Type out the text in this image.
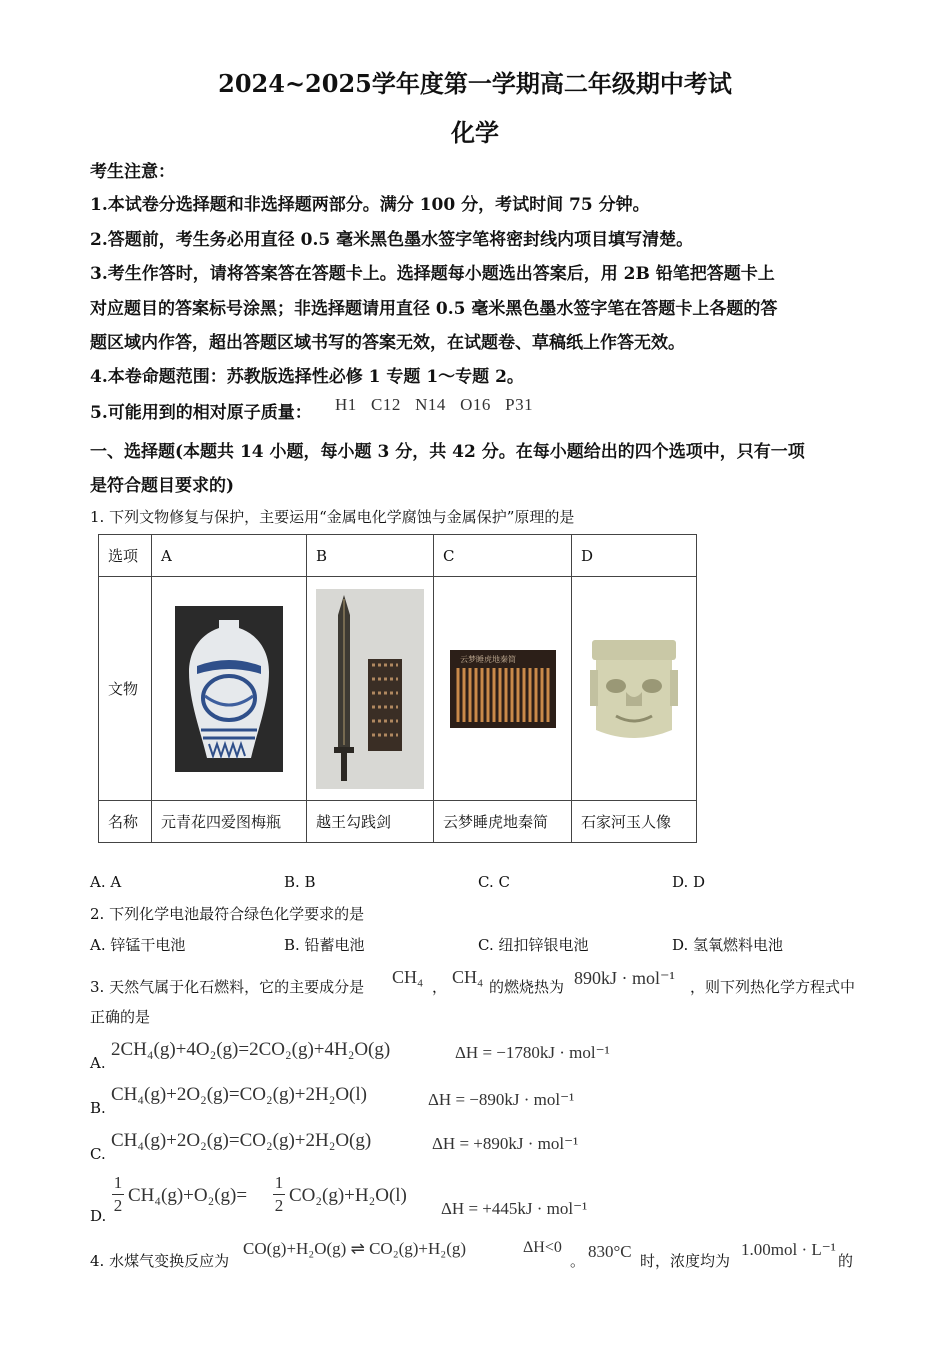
2024~2025学年度第一学期高二年级期中考试
化学
考生注意：
1.本试卷分选择题和非选择题两部分。满分 100 分，考试时间 75 分钟。
2.答题前，考生务必用直径 0.5 毫米黑色墨水签字笔将密封线内项目填写清楚。
3.考生作答时，请将答案答在答题卡上。选择题每小题选出答案后，用 2B 铅笔把答题卡上
对应题目的答案标号涂黑；非选择题请用直径 0.5 毫米黑色墨水签字笔在答题卡上各题的答
题区域内作答，超出答题区域书写的答案无效，在试题卷、草稿纸上作答无效。
4.本卷命题范围：苏教版选择性必修 1 专题 1～专题 2。
5.可能用到的相对原子质量： H1   C12   N14   O16   P31
一、选择题(本题共 14 小题，每小题 3 分，共 42 分。在每小题给出的四个选项中，只有一项
是符合题目要求的)
1. 下列文物修复与保护，主要运用“金属电化学腐蚀与金属保护”原理的是
选项	A	B	C	D
文物			云梦睡虎地秦简

名称	元青花四爱图梅瓶	越王勾践剑	云梦睡虎地秦简	石家河玉人像
A. A	B. B	C. C	D. D
2. 下列化学电池最符合绿色化学要求的是
A. 锌锰干电池	B. 铅蓄电池	C. 纽扣锌银电池	D. 氢氧燃料电池
3. 天然气属于化石燃料，它的主要成分是 CH₄ ， CH₄ 的燃烧热为 890kJ · mol⁻¹ ，则下列热化学方程式中
正确的是
A.
2CH₄(g)+4O₂(g)=2CO₂(g)+4H₂O(g)	ΔH = −1780kJ · mol⁻¹
B.
CH₄(g)+2O₂(g)=CO₂(g)+2H₂O(l)	ΔH = −890kJ · mol⁻¹
C.
CH₄(g)+2O₂(g)=CO₂(g)+2H₂O(g)	ΔH = +890kJ · mol⁻¹
D.
1
2 CH₄(g)+O₂(g)=
1
2 CO₂(g)+H₂O(l)
ΔH = +445kJ · mol⁻¹
4. 水煤气变换反应为
CO(g)+H₂O(g) ⇌ CO₂(g)+H₂(g)	ΔH<0
。 830°C 时，浓度均为
1.00mol · L⁻¹
的
